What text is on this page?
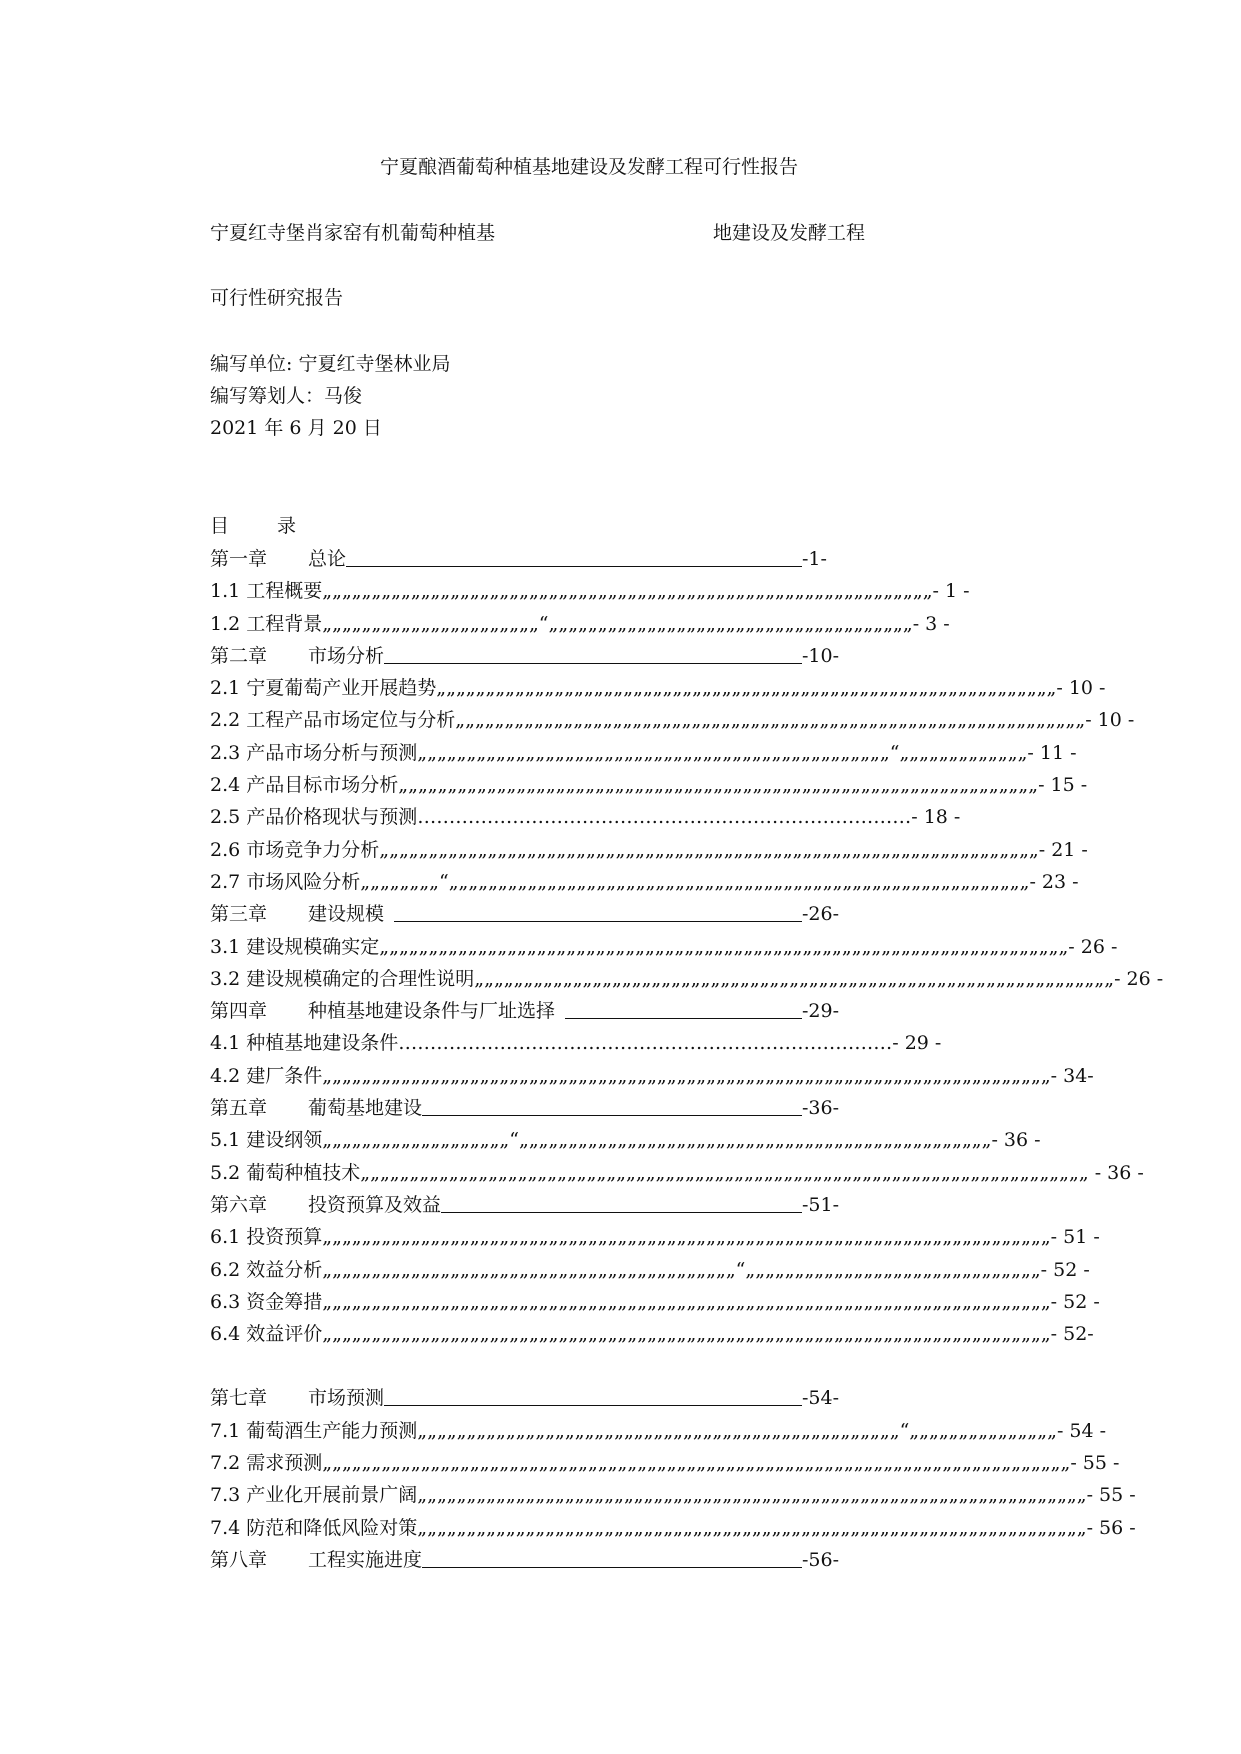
宁夏酿酒葡萄种植基地建设及发酵工程可行性报告
宁夏红寺堡肖家窑有机葡萄种植基	地建设及发酵工程
可行性研究报告
编写单位: 宁夏红寺堡林业局
编写筹划人：马俊
2021 年 6 月 20 日
目	录
第一章 总论	-1-
1.1 工程概要„„„„„„„„„„„„„„„„„„„„„„„„„„„„„„„„„„„„„„„„„„„„„„„„„„„„„„„„„„„„„„- 1 -
1.2 工程背景„„„„„„„„„„„„„„„„„„„„„„“„„„„„„„„„„„„„„„„„„„„„„„„„„„„„„„„„„„„„- 3 -
第二章 市场分析	-10-
2.1 宁夏葡萄产业开展趋势„„„„„„„„„„„„„„„„„„„„„„„„„„„„„„„„„„„„„„„„„„„„„„„„„„„„„„„„„„„„„„„- 10 -
2.2 工程产品市场定位与分析„„„„„„„„„„„„„„„„„„„„„„„„„„„„„„„„„„„„„„„„„„„„„„„„„„„„„„„„„„„„„„„„- 10 -
2.3 产品市场分析与预测„„„„„„„„„„„„„„„„„„„„„„„„„„„„„„„„„„„„„„„„„„„„„„„„“„„„„„„„„„„„„„- 11 -
2.4 产品目标市场分析„„„„„„„„„„„„„„„„„„„„„„„„„„„„„„„„„„„„„„„„„„„„„„„„„„„„„„„„„„„„„„„„„- 15 -
2.5 产品价格现状与预测……………………………………………………………………- 18 -
2.6 市场竞争力分析„„„„„„„„„„„„„„„„„„„„„„„„„„„„„„„„„„„„„„„„„„„„„„„„„„„„„„„„„„„„„„„„„„„- 21 -
2.7 市场风险分析„„„„„„„„“„„„„„„„„„„„„„„„„„„„„„„„„„„„„„„„„„„„„„„„„„„„„„„„„„„„„„„„„„„„- 23 -
第三章 建设规模	-26-
3.1 建设规模确实定„„„„„„„„„„„„„„„„„„„„„„„„„„„„„„„„„„„„„„„„„„„„„„„„„„„„„„„„„„„„„„„„„„„„„„- 26 -
3.2 建设规模确定的合理性说明„„„„„„„„„„„„„„„„„„„„„„„„„„„„„„„„„„„„„„„„„„„„„„„„„„„„„„„„„„„„„„„„„- 26 -
第四章 种植基地建设条件与厂址选择	-29-
4.1 种植基地建设条件……………………………………………………………………- 29 -
4.2 建厂条件„„„„„„„„„„„„„„„„„„„„„„„„„„„„„„„„„„„„„„„„„„„„„„„„„„„„„„„„„„„„„„„„„„„„„„„„„„- 34-
第五章 葡萄基地建设	-36-
5.1 建设纲领„„„„„„„„„„„„„„„„„„„“„„„„„„„„„„„„„„„„„„„„„„„„„„„„„„„„„„„„„„„„„„„„„„„„- 36 -
5.2 葡萄种植技术„„„„„„„„„„„„„„„„„„„„„„„„„„„„„„„„„„„„„„„„„„„„„„„„„„„„„„„„„„„„„„„„„„„„„„„„„„ - 36 -
第六章 投资预算及效益	-51-
6.1 投资预算„„„„„„„„„„„„„„„„„„„„„„„„„„„„„„„„„„„„„„„„„„„„„„„„„„„„„„„„„„„„„„„„„„„„„„„„„„- 51 -
6.2 效益分析„„„„„„„„„„„„„„„„„„„„„„„„„„„„„„„„„„„„„„„„„„“„„„„„„„„„„„„„„„„„„„„„„„„„„„„„„- 52 -
6.3 资金筹措„„„„„„„„„„„„„„„„„„„„„„„„„„„„„„„„„„„„„„„„„„„„„„„„„„„„„„„„„„„„„„„„„„„„„„„„„„- 52 -
6.4 效益评价„„„„„„„„„„„„„„„„„„„„„„„„„„„„„„„„„„„„„„„„„„„„„„„„„„„„„„„„„„„„„„„„„„„„„„„„„„- 52-
第七章 市场预测	-54-
7.1 葡萄酒生产能力预测„„„„„„„„„„„„„„„„„„„„„„„„„„„„„„„„„„„„„„„„„„„„„„„„„“„„„„„„„„„„„„„„„- 54 -
7.2 需求预测„„„„„„„„„„„„„„„„„„„„„„„„„„„„„„„„„„„„„„„„„„„„„„„„„„„„„„„„„„„„„„„„„„„„„„„„„„„„- 55 -
7.3 产业化开展前景广阔„„„„„„„„„„„„„„„„„„„„„„„„„„„„„„„„„„„„„„„„„„„„„„„„„„„„„„„„„„„„„„„„„„„„- 55 -
7.4 防范和降低风险对策„„„„„„„„„„„„„„„„„„„„„„„„„„„„„„„„„„„„„„„„„„„„„„„„„„„„„„„„„„„„„„„„„„„„- 56 -
第八章 工程实施进度	-56-
